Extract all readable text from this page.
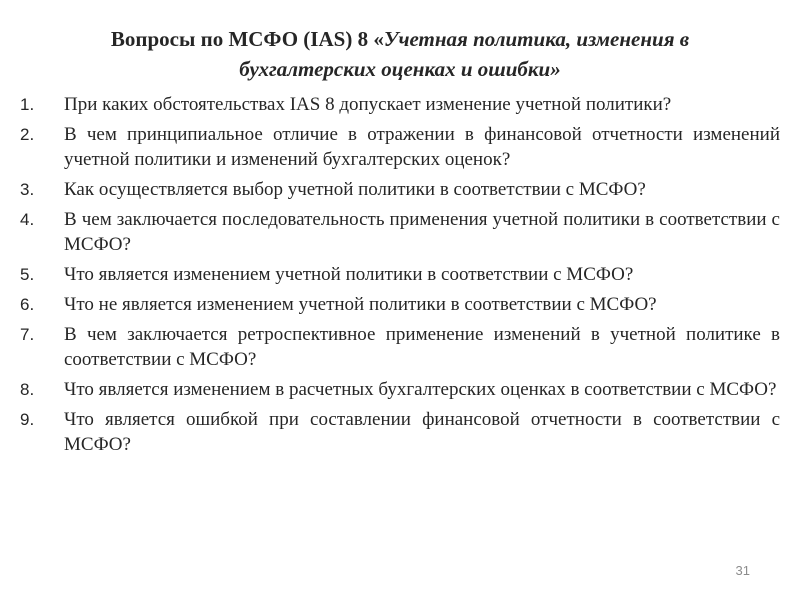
Вопросы по МСФО (IAS) 8 «Учетная политика, изменения в бухгалтерских оценках и ошибки»
1.	При каких обстоятельствах IAS 8 допускает изменение учетной политики?
2.	В чем принципиальное отличие в отражении в финансовой отчетности изменений учетной политики и изменений бухгалтерских оценок?
3.	Как осуществляется выбор учетной политики в соответствии с МСФО?
4.	В чем заключается последовательность применения учетной политики в соответствии с МСФО?
5.	Что является изменением учетной политики в соответствии с МСФО?
6.	Что не является изменением учетной политики в соответствии с МСФО?
7.	В чем заключается ретроспективное применение изменений в учетной политике в соответствии с МСФО?
8.	Что является изменением в расчетных бухгалтерских оценках в соответствии с МСФО?
9.	Что является ошибкой при составлении финансовой отчетности в соответствии с МСФО?
31
